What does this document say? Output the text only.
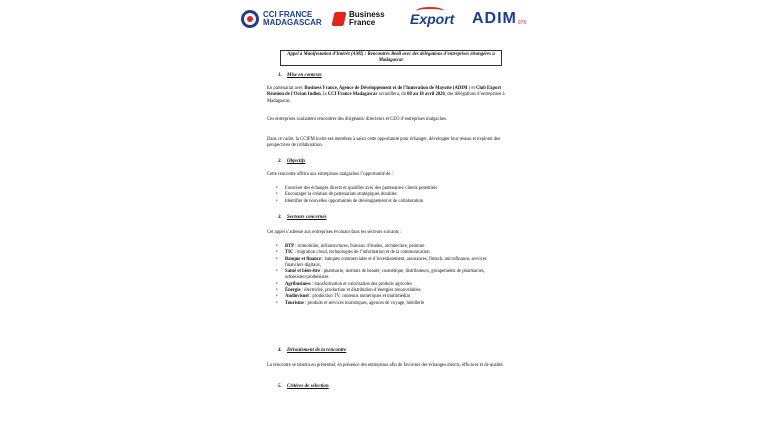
CCI FRANCE
MADAGASCAR
Business
France	Export ADIM 976
Appel à Manifestation d’Intérêt (AMI) : Rencontres BtoB avec des délégations d’entreprises étrangères à Madagascar
1. Mise en contexte

En partenariat avec Business France, Agence de Développement et de l’Innovation de Mayotte (ADIM ) et Club Export Réunion de l’Océan Indien, la CCI France Madagascar accueillera, du 08 au 18 avril 2026, des délégations d’entreprises à Madagascar.

Ces entreprises souhaitent rencontrer des dirigeants/ directeurs et CEO d’entreprises malgaches.

Dans ce cadre, la CCIFM invite ses membres à saisir cette opportunité pour échanger, développer leur réseau et explorer des perspectives de collaboration.

2. Objectifs

Cette rencontre offrira aux entreprises malgaches l’opportunité de :

• Favoriser des échanges directs et qualifiés avec des partenaires/ clients potentiels
• Encourager la création de partenariats stratégiques durables
• Identifier de nouvelles opportunités de développement et de collaboration
3. Secteurs concernés

Cet appel s’adresse aux entreprises évoluant dans les secteurs suivants :

• BTP : immobilier, infrastructures, bureaux d’études, architecture, peinture
• TIC : migration cloud, technologies de l’information et de la communication
• Banque et finance : banques commerciales et d’investissement, assurances, fintech, microfinance, services financiers digitaux,
• Santé et bien-être : pharmacie, instituts de beauté, cosmétique, distributeurs, groupements de pharmacies, orthèsistes-prothésistes
• Agribusiness : transformation et valorisation des produits agricoles
• Énergie : électricité, production et distribution d’énergies renouvelables
• Audiovisuel : production TV, contenus numériques et multimédias
• Tourisme : produits et services touristiques, agences de voyage, hôtellerie
4. Déroulement de la rencontre

La rencontre se tiendra en présentiel, en présence des entreprises afin de favoriser des échanges directs, efficaces et de qualité.

5. Critères de sélection
